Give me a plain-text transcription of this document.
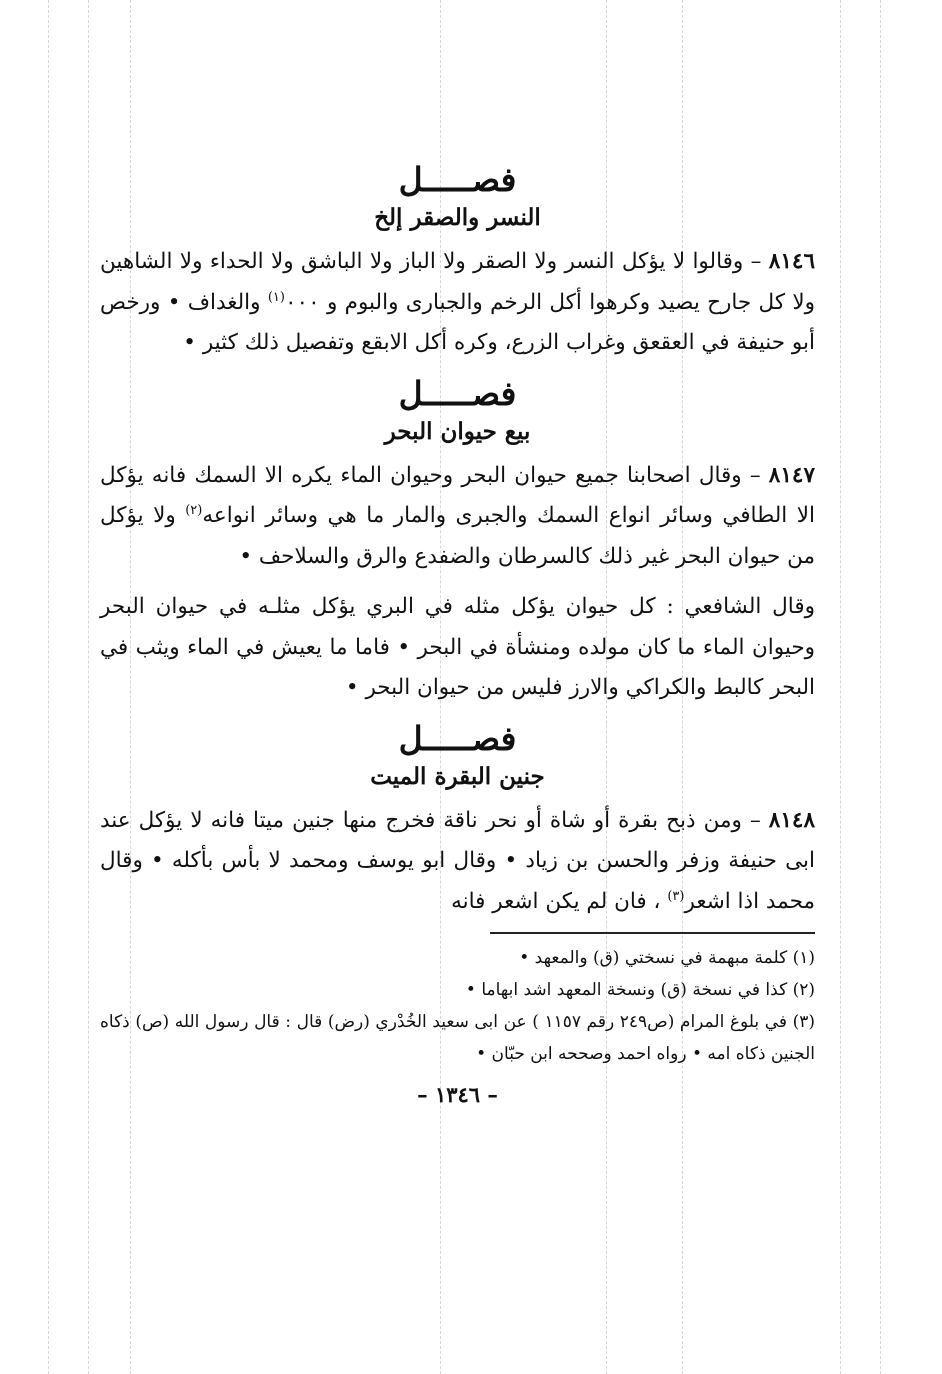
فصـــــل
النسر والصقر إلخ

٨١٤٦ – وقالوا لا يؤكل النسر ولا الصقر ولا الباز ولا الباشق ولا الحداء ولا الشاهين ولا كل جارح يصيد وكرهوا أكل الرخم والجبارى والبوم و ٠٠٠$^{(١)}$ والغداف • ورخص أبو حنيفة في العقعق وغراب الزرع، وكره أكل الابقع وتفصيل ذلك كثير •

فصـــــل
بيع حيوان البحر

٨١٤٧ – وقال اصحابنا جميع حيوان البحر وحيوان الماء يكره الا السمك فانه يؤكل الا الطافي وسائر انواع السمك والجبرى والمار ما هي وسائر انواعه$^{(٢)}$ ولا يؤكل من حيوان البحر غير ذلك كالسرطان والضفدع والرق والسلاحف •

وقال الشافعي : كل حيوان يؤكل مثله في البري يؤكل مثلـه في حيوان البحر وحيوان الماء ما كان مولده ومنشأة في البحر • فاما ما يعيش في الماء ويثب في البحر كالبط والكراكي والارز فليس من حيوان البحر •

فصـــــل
جنين البقرة الميت

٨١٤٨ – ومن ذبح بقرة أو شاة أو نحر ناقة فخرج منها جنين ميتا فانه لا يؤكل عند ابى حنيفة وزفر والحسن بن زياد • وقال ابو يوسف ومحمد لا بأس بأكله • وقال محمد اذا اشعر$^{(٣)}$ ، فان لم يكن اشعر فانه

(١) كلمة مبهمة في نسختي (ق) والمعهد •

(٢) كذا في نسخة (ق) ونسخة المعهد اشد ابهاما •

(٣) في بلوغ المرام (ص٢٤٩ رقم ١١٥٧ ) عن ابى سعيد الخُدْري (رض) قال : قال رسول الله (ص) ذكاه الجنين ذكاه امه • رواه احمد وصححه ابن حبّان •

– ١٣٤٦ –
